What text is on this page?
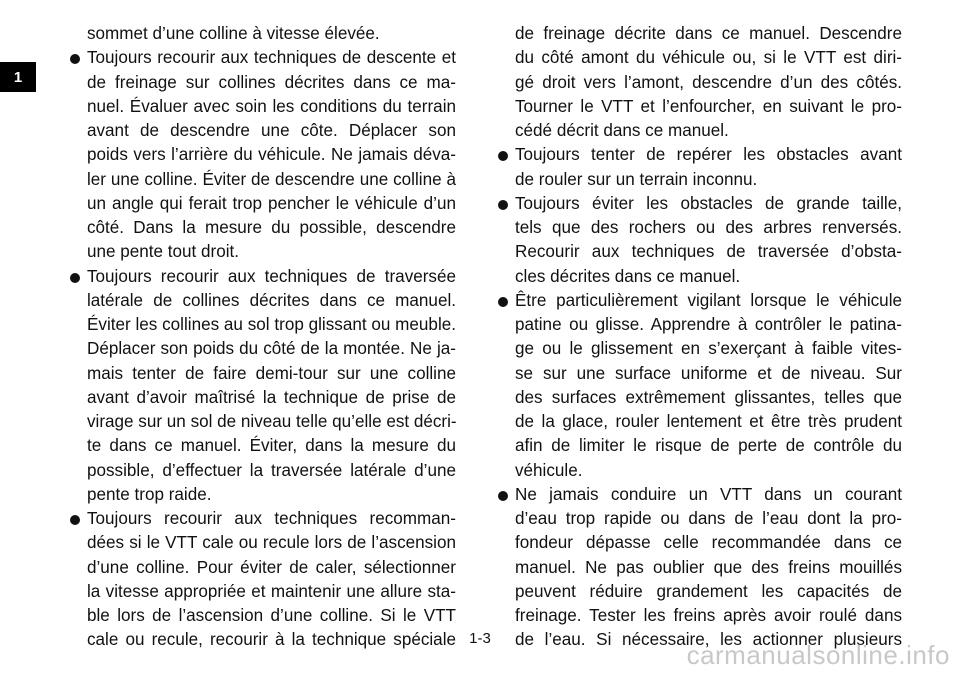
1
sommet d’une colline à vitesse élevée.
Toujours recourir aux techniques de descente et
de freinage sur collines décrites dans ce ma-
nuel. Évaluer avec soin les conditions du terrain
avant de descendre une côte. Déplacer son
poids vers l’arrière du véhicule. Ne jamais déva-
ler une colline. Éviter de descendre une colline à
un angle qui ferait trop pencher le véhicule d’un
côté. Dans la mesure du possible, descendre
une pente tout droit.
Toujours recourir aux techniques de traversée
latérale de collines décrites dans ce manuel.
Éviter les collines au sol trop glissant ou meuble.
Déplacer son poids du côté de la montée. Ne ja-
mais tenter de faire demi-tour sur une colline
avant d’avoir maîtrisé la technique de prise de
virage sur un sol de niveau telle qu’elle est décri-
te dans ce manuel. Éviter, dans la mesure du
possible, d’effectuer la traversée latérale d’une
pente trop raide.
Toujours recourir aux techniques recomman-
dées si le VTT cale ou recule lors de l’ascension
d’une colline. Pour éviter de caler, sélectionner
la vitesse appropriée et maintenir une allure sta-
ble lors de l’ascension d’une colline. Si le VTT
cale ou recule, recourir à la technique spéciale
de freinage décrite dans ce manuel. Descendre
du côté amont du véhicule ou, si le VTT est diri-
gé droit vers l’amont, descendre d’un des côtés.
Tourner le VTT et l’enfourcher, en suivant le pro-
cédé décrit dans ce manuel.
Toujours tenter de repérer les obstacles avant
de rouler sur un terrain inconnu.
Toujours éviter les obstacles de grande taille,
tels que des rochers ou des arbres renversés.
Recourir aux techniques de traversée d’obsta-
cles décrites dans ce manuel.
Être particulièrement vigilant lorsque le véhicule
patine ou glisse. Apprendre à contrôler le patina-
ge ou le glissement en s’exerçant à faible vites-
se sur une surface uniforme et de niveau. Sur
des surfaces extrêmement glissantes, telles que
de la glace, rouler lentement et être très prudent
afin de limiter le risque de perte de contrôle du
véhicule.
Ne jamais conduire un VTT dans un courant
d’eau trop rapide ou dans de l’eau dont la pro-
fondeur dépasse celle recommandée dans ce
manuel. Ne pas oublier que des freins mouillés
peuvent réduire grandement les capacités de
freinage. Tester les freins après avoir roulé dans
de l’eau. Si nécessaire, les actionner plusieurs
1-3
carmanualsonline.info
